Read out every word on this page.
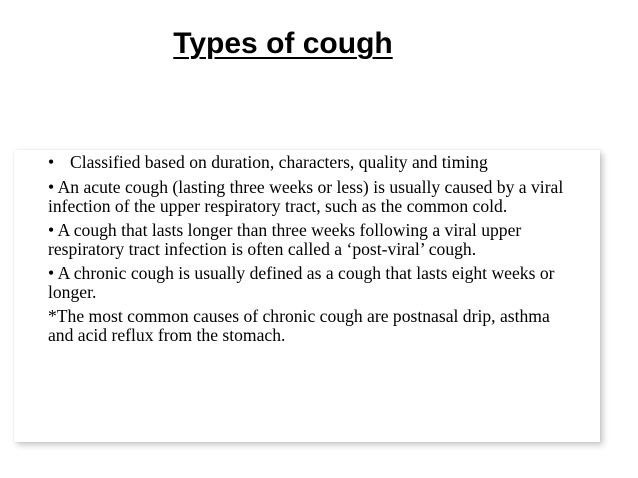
Types of cough

• Classified based on duration, characters, quality and timing

• An acute cough (lasting three weeks or less) is usually caused by a viral infection of the upper respiratory tract, such as the common cold.

• A cough that lasts longer than three weeks following a viral upper respiratory tract infection is often called a ‘post-viral’ cough.

• A chronic cough is usually defined as a cough that lasts eight weeks or longer.

*The most common causes of chronic cough are postnasal drip, asthma and acid reflux from the stomach.
